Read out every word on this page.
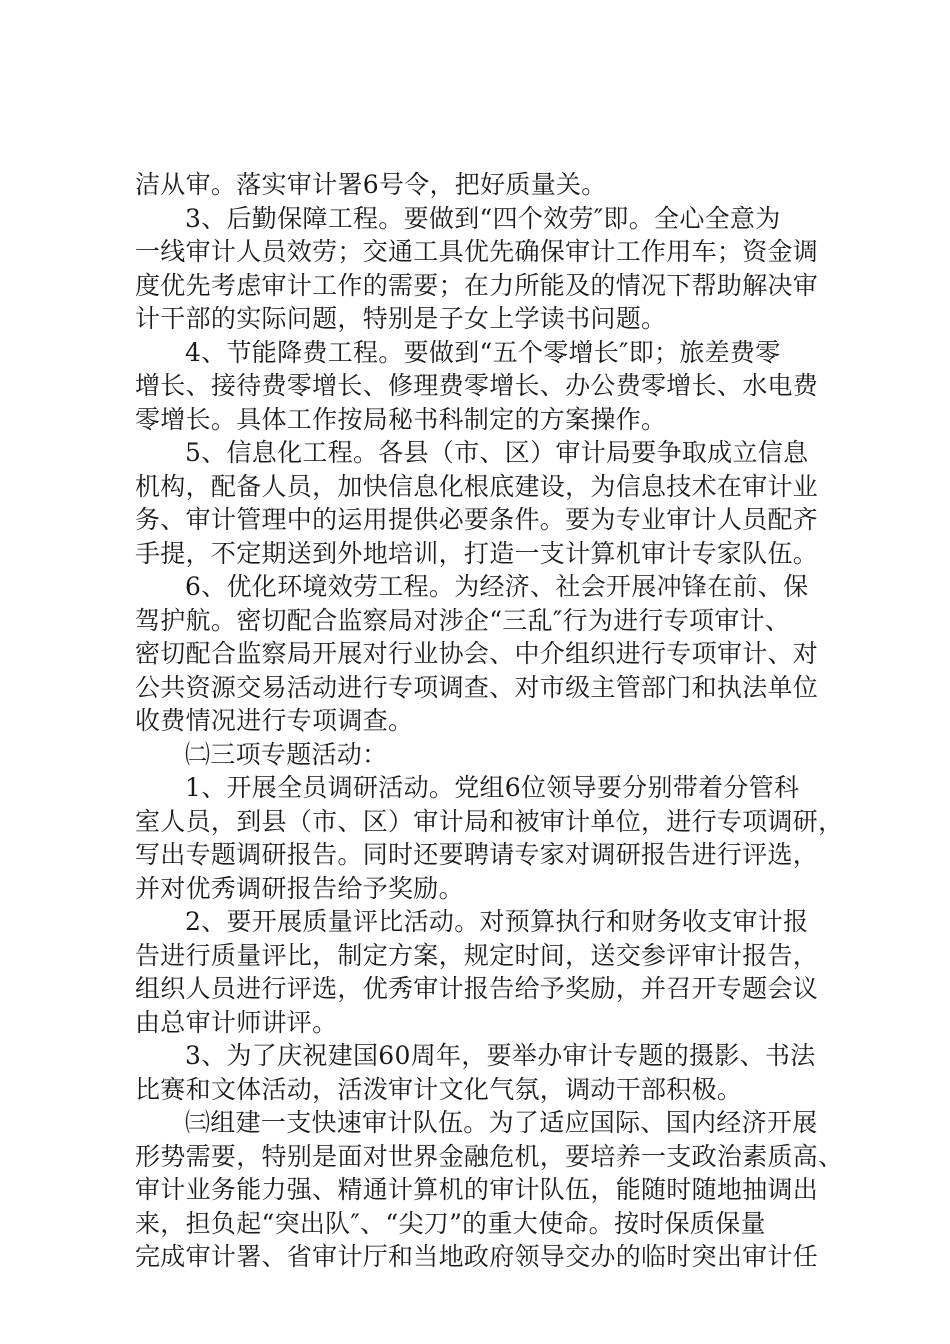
洁从审。落实审计署6号令，把好质量关。
3、后勤保障工程。要做到“四个效劳″即。全心全意为
一线审计人员效劳；交通工具优先确保审计工作用车；资金调
度优先考虑审计工作的需要；在力所能及的情况下帮助解决审
计干部的实际问题，特别是子女上学读书问题。
4、节能降费工程。要做到“五个零增长″即；旅差费零
增长、接待费零增长、修理费零增长、办公费零增长、水电费
零增长。具体工作按局秘书科制定的方案操作。
5、信息化工程。各县（市、区）审计局要争取成立信息
机构，配备人员，加快信息化根底建设，为信息技术在审计业
务、审计管理中的运用提供必要条件。要为专业审计人员配齐
手提，不定期送到外地培训，打造一支计算机审计专家队伍。
6、优化环境效劳工程。为经济、社会开展冲锋在前、保
驾护航。密切配合监察局对涉企“三乱″行为进行专项审计、
密切配合监察局开展对行业协会、中介组织进行专项审计、对
公共资源交易活动进行专项调查、对市级主管部门和执法单位
收费情况进行专项调查。
㈡三项专题活动：
1、开展全员调研活动。党组6位领导要分别带着分管科
室人员，到县（市、区）审计局和被审计单位，进行专项调研，
写出专题调研报告。同时还要聘请专家对调研报告进行评选，
并对优秀调研报告给予奖励。
2、要开展质量评比活动。对预算执行和财务收支审计报
告进行质量评比，制定方案，规定时间，送交参评审计报告，
组织人员进行评选，优秀审计报告给予奖励，并召开专题会议
由总审计师讲评。
3、为了庆祝建国60周年，要举办审计专题的摄影、书法
比赛和文体活动，活泼审计文化气氛，调动干部积极。
㈢组建一支快速审计队伍。为了适应国际、国内经济开展
形势需要，特别是面对世界金融危机，要培养一支政治素质高、
审计业务能力强、精通计算机的审计队伍，能随时随地抽调出
来，担负起“突出队″、“尖刀”的重大使命。按时保质保量
完成审计署、省审计厅和当地政府领导交办的临时突出审计任
